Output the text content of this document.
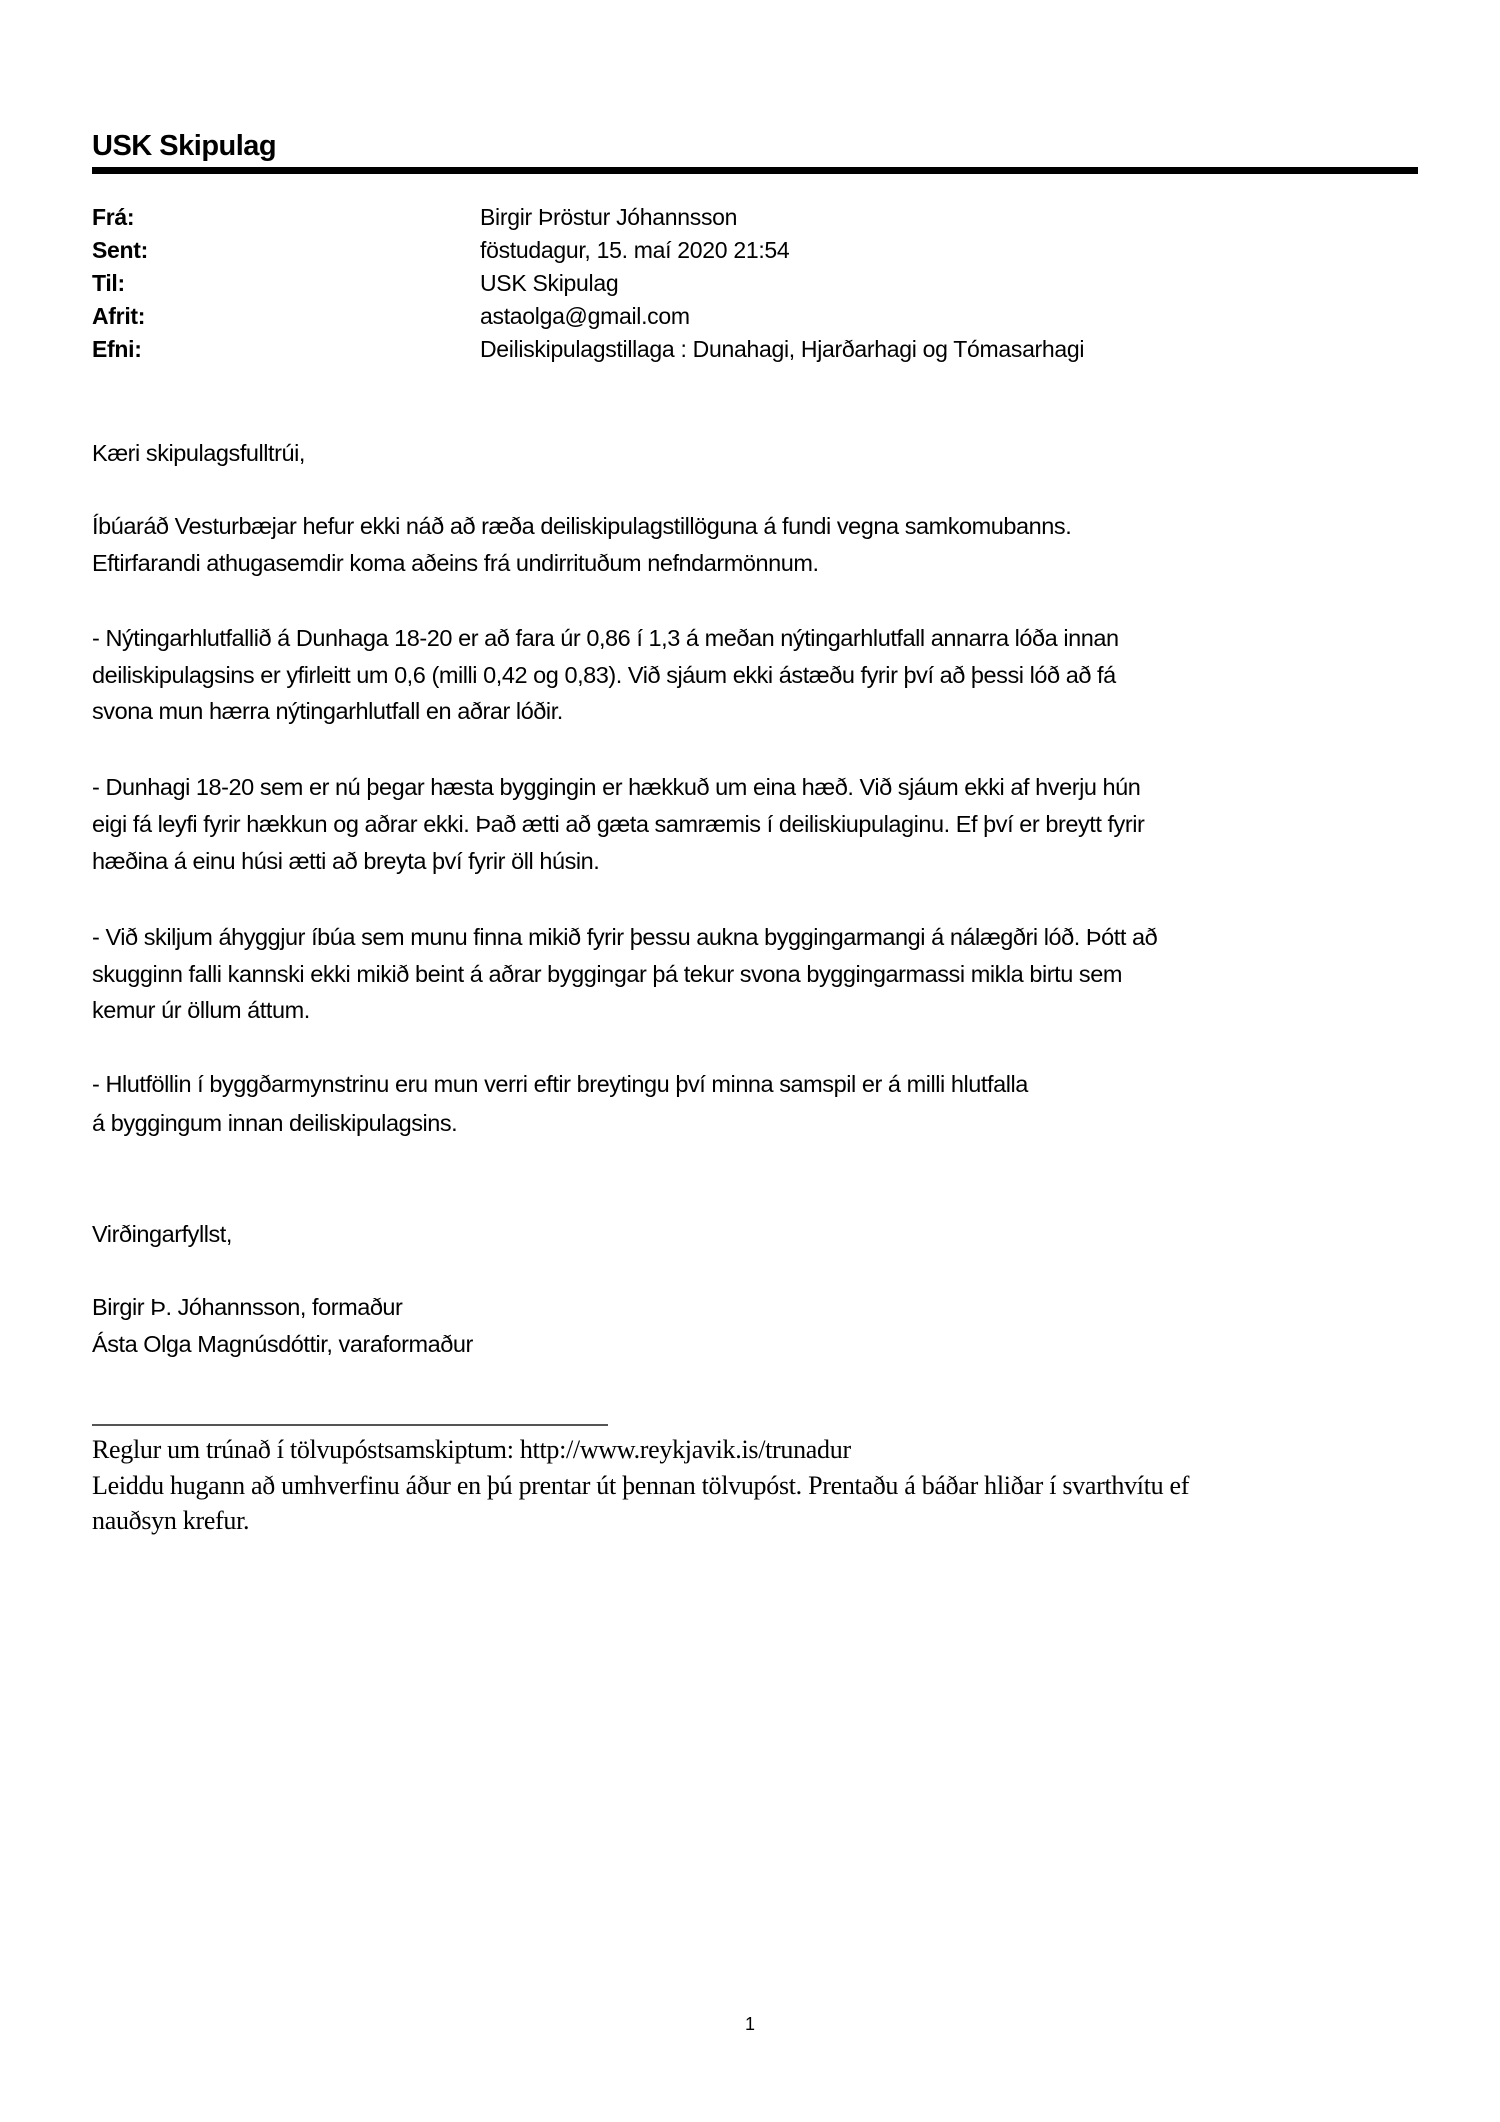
USK Skipulag
Frá:	Birgir Þröstur Jóhannsson
Sent:	föstudagur, 15. maí 2020 21:54
Til:	USK Skipulag
Afrit:	astaolga@gmail.com
Efni:	Deiliskipulagstillaga : Dunahagi, Hjarðarhagi og Tómasarhagi
Kæri skipulagsfulltrúi,
Íbúaráð Vesturbæjar hefur ekki náð að ræða deiliskipulagstillöguna á fundi vegna samkomubanns.
Eftirfarandi athugasemdir koma aðeins frá undirrituðum nefndarmönnum.
- Nýtingarhlutfallið á Dunhaga 18-20 er að fara úr 0,86 í 1,3 á meðan nýtingarhlutfall annarra lóða innan
deiliskipulagsins er yfirleitt um 0,6 (milli 0,42 og 0,83). Við sjáum ekki ástæðu fyrir því að þessi lóð að fá
svona mun hærra nýtingarhlutfall en aðrar lóðir.
- Dunhagi 18-20 sem er nú þegar hæsta byggingin er hækkuð um eina hæð. Við sjáum ekki af hverju hún
eigi fá leyfi fyrir hækkun og aðrar ekki. Það ætti að gæta samræmis í deiliskiupulaginu. Ef því er breytt fyrir
hæðina á einu húsi ætti að breyta því fyrir öll húsin.
- Við skiljum áhyggjur íbúa sem munu finna mikið fyrir þessu aukna byggingarmangi á nálægðri lóð. Þótt að
skugginn falli kannski ekki mikið beint á aðrar byggingar þá tekur svona byggingarmassi mikla birtu sem
kemur úr öllum áttum.
- Hlutföllin í byggðarmynstrinu eru mun verri eftir breytingu því minna samspil er á milli hlutfalla
á byggingum innan deiliskipulagsins.
Virðingarfyllst,
Birgir Þ. Jóhannsson, formaður
Ásta Olga Magnúsdóttir, varaformaður
Reglur um trúnað í tölvupóstsamskiptum: http://www.reykjavik.is/trunadur
Leiddu hugann að umhverfinu áður en þú prentar út þennan tölvupóst. Prentaðu á báðar hliðar í svarthvítu ef
nauðsyn krefur.
1
